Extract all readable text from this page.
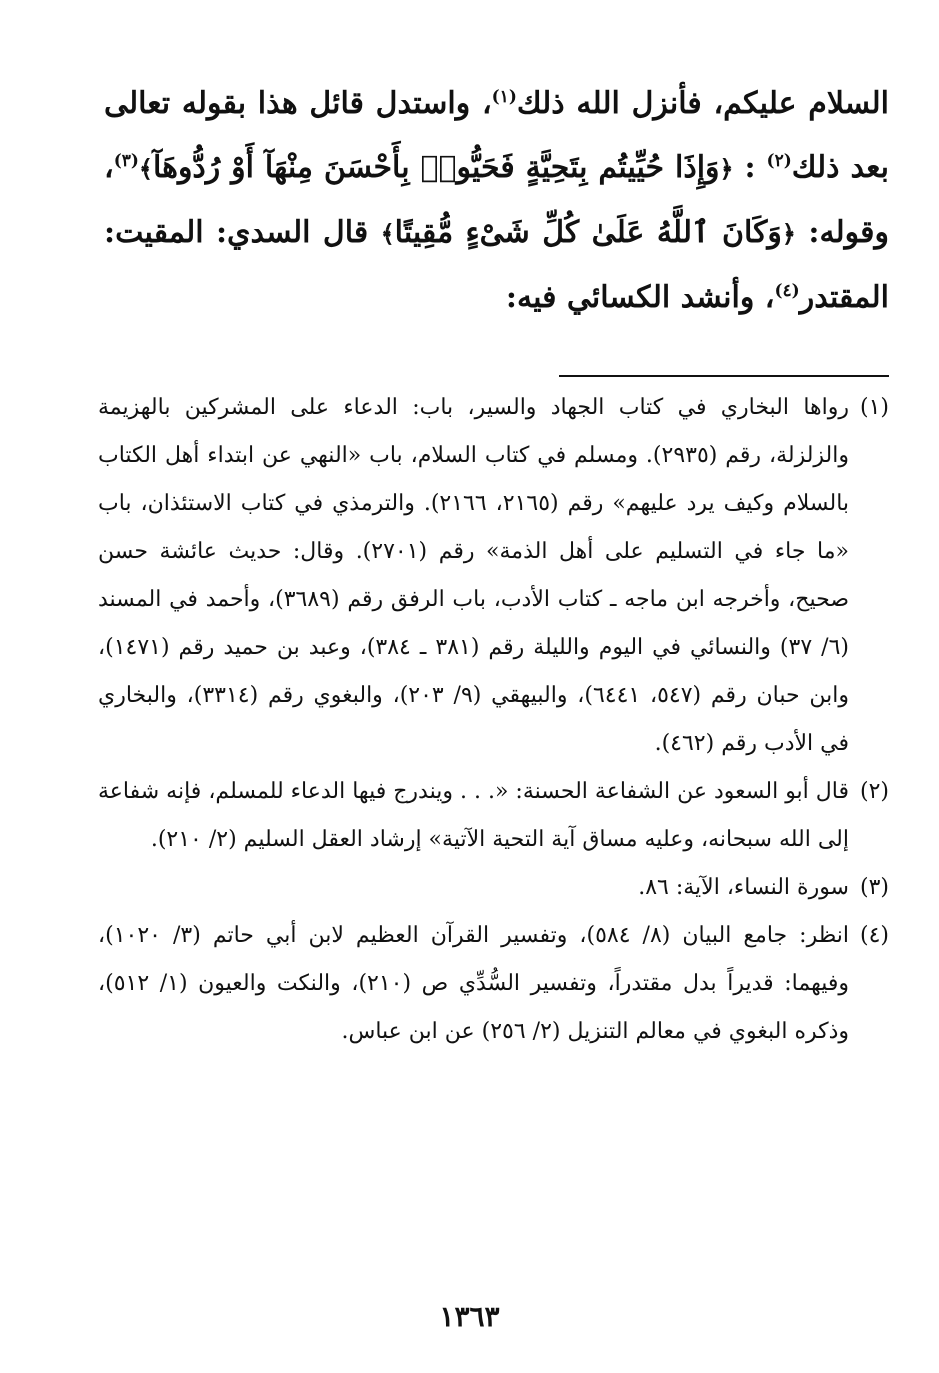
السلام عليكم، فأنزل الله ذلك$^{(١)}$، واستدل قائل هذا بقوله تعالى بعد ذلك$^{(٢)}$ : ﴿وَإِذَا حُيِّيتُم بِتَحِيَّةٍ فَحَيُّوا۟ بِأَحْسَنَ مِنْهَآ أَوْ رُدُّوهَآ﴾$^{(٣)}$، وقوله: ﴿وَكَانَ ٱللَّهُ عَلَىٰ كُلِّ شَىْءٍ مُّقِيتًا﴾ قال السدي: المقيت: المقتدر$^{(٤)}$، وأنشد الكسائي فيه:
(١)
رواها البخاري في كتاب الجهاد والسير، باب: الدعاء على المشركين بالهزيمة والزلزلة، رقم (٢٩٣٥). ومسلم في كتاب السلام، باب «النهي عن ابتداء أهل الكتاب بالسلام وكيف يرد عليهم» رقم (٢١٦٥، ٢١٦٦). والترمذي في كتاب الاستئذان، باب «ما جاء في التسليم على أهل الذمة» رقم (٢٧٠١). وقال: حديث عائشة حسن صحيح، وأخرجه ابن ماجه ـ كتاب الأدب، باب الرفق رقم (٣٦٨٩)، وأحمد في المسند (٦/ ٣٧) والنسائي في اليوم والليلة رقم (٣٨١ ـ ٣٨٤)، وعبد بن حميد رقم (١٤٧١)، وابن حبان رقم (٥٤٧، ٦٤٤١)، والبيهقي (٩/ ٢٠٣)، والبغوي رقم (٣٣١٤)، والبخاري في الأدب رقم (٤٦٢).
(٢)
قال أبو السعود عن الشفاعة الحسنة: «. . . ويندرج فيها الدعاء للمسلم، فإنه شفاعة إلى الله سبحانه، وعليه مساق آية التحية الآتية» إرشاد العقل السليم (٢/ ٢١٠).
(٣)
سورة النساء، الآية: ٨٦.
(٤)
انظر: جامع البيان (٨/ ٥٨٤)، وتفسير القرآن العظيم لابن أبي حاتم (٣/ ١٠٢٠)، وفيهما: قديراً بدل مقتدراً، وتفسير السُّدِّي ص (٢١٠)، والنكت والعيون (١/ ٥١٢)، وذكره البغوي في معالم التنزيل (٢/ ٢٥٦) عن ابن عباس.
١٣٦٣
